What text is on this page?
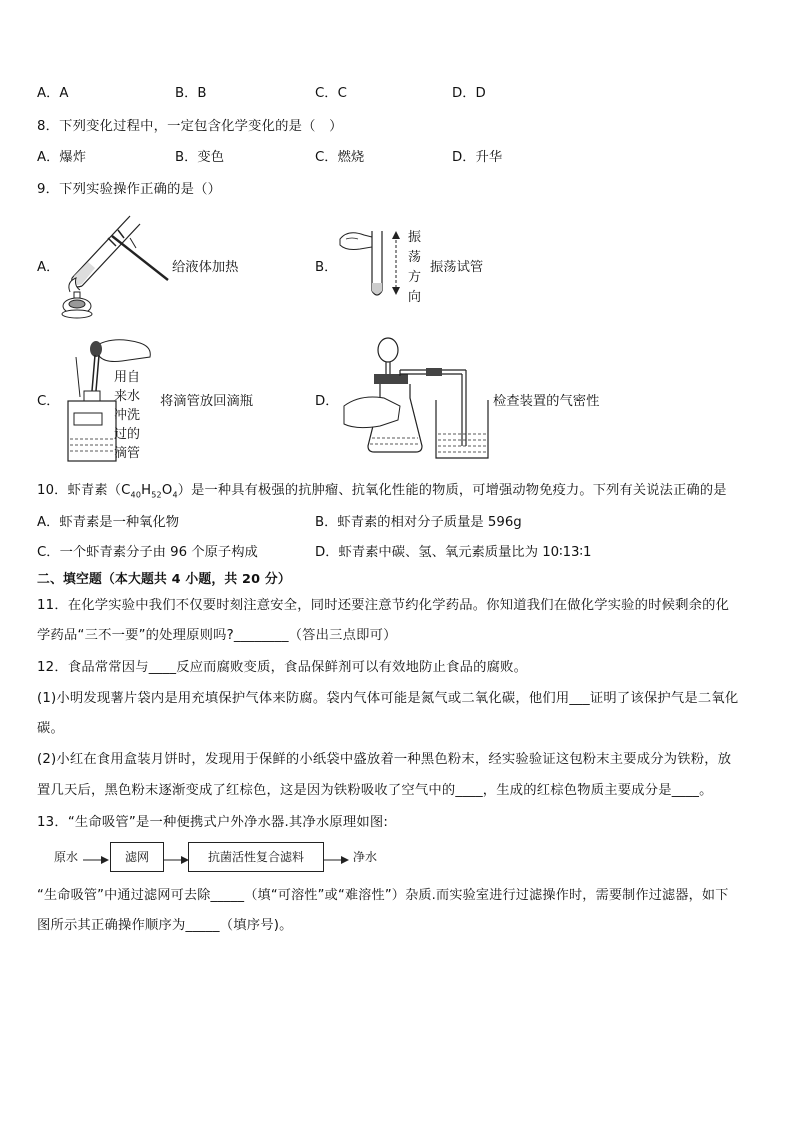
A．A	B．B	C．C	D．D
8．下列变化过程中，一定包含化学变化的是（　）
A．爆炸	B．变色	C．燃烧	D．升华
9．下列实验操作正确的是（）
A．	给液体加热	B．
振
荡
方
向
振荡试管
C．
用自
来水
冲洗
过的
滴管
将滴管放回滴瓶	D．	检查装置的气密性
10．虾青素$(C_{40}H_{52}O_4)$是一种具有极强的抗肿瘤、抗氧化性能的物质，可增强动物免疫力。下列有关说法正确的是
A．虾青素是一种氧化物	B．虾青素的相对分子质量是 596g
C．一个虾青素分子由 96 个原子构成	D．虾青素中碳、氢、氧元素质量比为 10∶13∶1
二、填空题（本大题共 4 小题，共 20 分）
11．在化学实验中我们不仅要时刻注意安全，同时还要注意节约化学药品。你知道我们在做化学实验的时候剩余的化
学药品“三不一要”的处理原则吗?________（答出三点即可）
12．食品常常因与____反应而腐败变质，食品保鲜剂可以有效地防止食品的腐败。
(1)小明发现薯片袋内是用充填保护气体来防腐。袋内气体可能是氮气或二氧化碳，他们用___证明了该保护气是二氧化
碳。
(2)小红在食用盒装月饼时，发现用于保鲜的小纸袋中盛放着一种黑色粉末，经实验验证这包粉末主要成分为铁粉，放
置几天后，黑色粉末逐渐变成了红棕色，这是因为铁粉吸收了空气中的____，生成的红棕色物质主要成分是____。
13．“生命吸管”是一种便携式户外净水器.其净水原理如图:
原水	滤网	抗菌活性复合滤料	净水
“生命吸管”中通过滤网可去除_____（填“可溶性”或“难溶性”）杂质.而实验室进行过滤操作时，需要制作过滤器，如下
图所示其正确操作顺序为_____（填序号)。
